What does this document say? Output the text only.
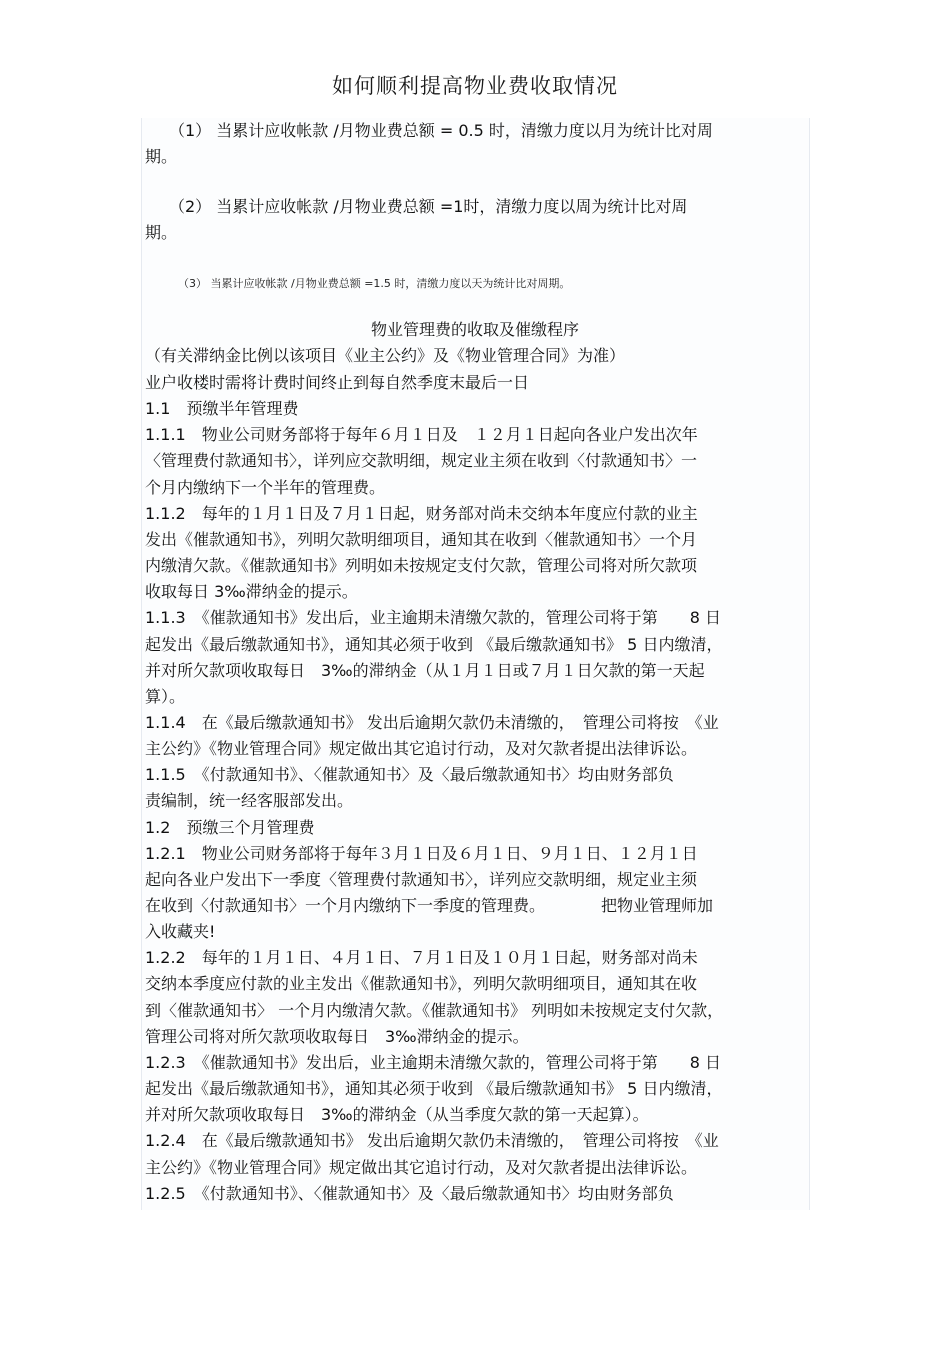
如何顺利提高物业费收取情况
　　（1） 当累计应收帐款 /月物业费总额 = 0.5 时，清缴力度以月为统计比对周
期。
　　（2） 当累计应收帐款 /月物业费总额 =1时，清缴力度以周为统计比对周
期。
（3） 当累计应收帐款 /月物业费总额 =1.5 时，清缴力度以天为统计比对周期。
物业管理费的收取及催缴程序
（有关滞纳金比例以该项目《业主公约》及《物业管理合同》为准）
业户收楼时需将计费时间终止到每自然季度末最后一日
1.1　预缴半年管理费
1.1.1　物业公司财务部将于每年６月１日及　１２月１日起向各业户发出次年
〈管理费付款通知书〉，详列应交款明细，规定业主须在收到〈付款通知书〉一
个月内缴纳下一个半年的管理费。
1.1.2　每年的１月１日及７月１日起，财务部对尚未交纳本年度应付款的业主
发出《催款通知书》，列明欠款明细项目，通知其在收到〈催款通知书〉一个月
内缴清欠款。《催款通知书》列明如未按规定支付欠款，管理公司将对所欠款项
收取每日 3‰滞纳金的提示。
1.1.3　《催款通知书》发出后，业主逾期未清缴欠款的，管理公司将于第　　8 日
起发出《最后缴款通知书》，通知其必须于收到 《最后缴款通知书》 5 日内缴清，
并对所欠款项收取每日　3‰的滞纳金（从１月１日或７月１日欠款的第一天起
算）。
1.1.4　在《最后缴款通知书》 发出后逾期欠款仍未清缴的，　管理公司将按　《业
主公约》《物业管理合同》规定做出其它追讨行动，及对欠款者提出法律诉讼。
1.1.5　《付款通知书》、〈催款通知书〉及〈最后缴款通知书〉均由财务部负
责编制，统一经客服部发出。
1.2　预缴三个月管理费
1.2.1　物业公司财务部将于每年３月１日及６月１日、９月１日、１２月１日
起向各业户发出下一季度〈管理费付款通知书〉，详列应交款明细，规定业主须
在收到〈付款通知书〉一个月内缴纳下一季度的管理费。　　　　把物业管理师加
入收藏夹!
1.2.2　每年的１月１日、４月１日、７月１日及１０月１日起，财务部对尚未
交纳本季度应付款的业主发出《催款通知书》，列明欠款明细项目，通知其在收
到〈催款通知书〉 一个月内缴清欠款。《催款通知书》 列明如未按规定支付欠款，
管理公司将对所欠款项收取每日　3‰滞纳金的提示。
1.2.3　《催款通知书》发出后，业主逾期未清缴欠款的，管理公司将于第　　8 日
起发出《最后缴款通知书》，通知其必须于收到 《最后缴款通知书》 5 日内缴清，
并对所欠款项收取每日　3‰的滞纳金（从当季度欠款的第一天起算）。
1.2.4　在《最后缴款通知书》 发出后逾期欠款仍未清缴的，　管理公司将按　《业
主公约》《物业管理合同》规定做出其它追讨行动，及对欠款者提出法律诉讼。
1.2.5　《付款通知书》、〈催款通知书〉及〈最后缴款通知书〉均由财务部负
